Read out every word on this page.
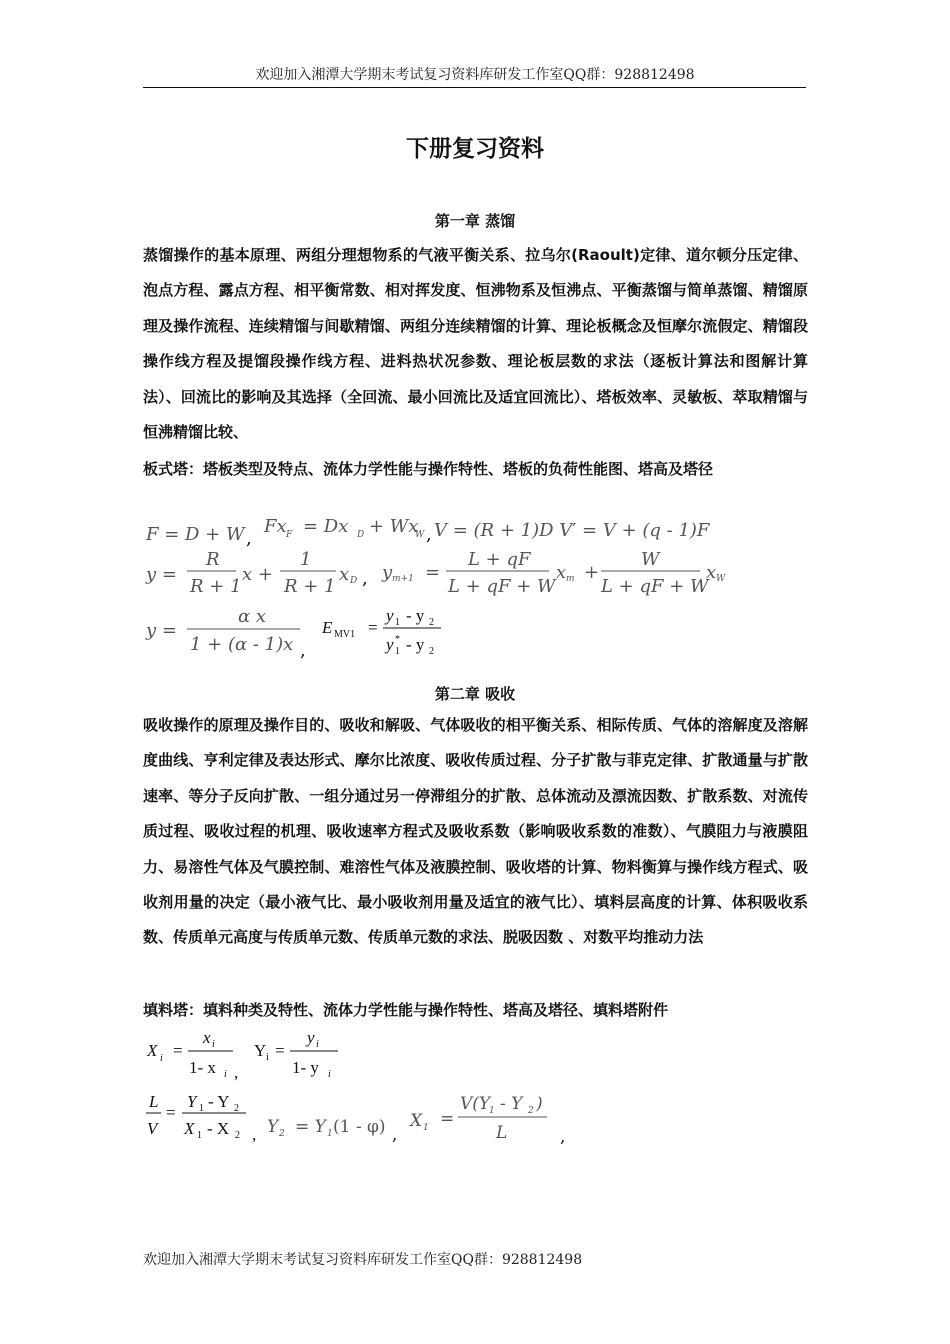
欢迎加入湘潭大学期末考试复习资料库研发工作室QQ群：928812498
下册复习资料
第一章 蒸馏

蒸馏操作的基本原理、两组分理想物系的气液平衡关系、拉乌尔(Raoult)定律、道尔顿分压定律、泡点方程、露点方程、相平衡常数、相对挥发度、恒沸物系及恒沸点、平衡蒸馏与简单蒸馏、精馏原理及操作流程、连续精馏与间歇精馏、两组分连续精馏的计算、理论板概念及恒摩尔流假定、精馏段操作线方程及提馏段操作线方程、进料热状况参数、理论板层数的求法（逐板计算法和图解计算法）、回流比的影响及其选择（全回流、最小回流比及适宜回流比）、塔板效率、灵敏板、萃取精馏与恒沸精馏比较、

板式塔：塔板类型及特点、流体力学性能与操作特性、塔板的负荷性能图、塔高及塔径
F = D + W ,
Fx F = Dx D + Wx
W , V = (R + 1)D V′ = V + (q - 1)F
y =
R
R + 1
x +
1
R + 1
x D , y m+1 =
L + qF
L + qF + W
x m +
W
L + qF + W
x W
y =
α x
1 + (α - 1)x ,
E MV1 =
y 1 - y 2
y 1
* - y 2
第二章 吸收

吸收操作的原理及操作目的、吸收和解吸、气体吸收的相平衡关系、相际传质、气体的溶解度及溶解度曲线、亨利定律及表达形式、摩尔比浓度、吸收传质过程、分子扩散与菲克定律、扩散通量与扩散速率、等分子反向扩散、一组分通过另一停滞组分的扩散、总体流动及漂流因数、扩散系数、对流传质过程、吸收过程的机理、吸收速率方程式及吸收系数（影响吸收系数的准数）、气膜阻力与液膜阻力、易溶性气体及气膜控制、难溶性气体及液膜控制、吸收塔的计算、物料衡算与操作线方程式、吸收剂用量的决定（最小液气比、最小吸收剂用量及适宜的液气比）、填料层高度的计算、体积吸收系数、传质单元高度与传质单元数、传质单元数的求法、脱吸因数 、对数平均推动力法

填料塔：填料种类及特性、流体力学性能与操作特性、塔高及塔径、填料塔附件
X i =
x i
1- x i ,
Y i =
y i
1- y i
L
V
=
Y 1 - Y 2
X 1 - X 2 , Y 2 = Y 1 (1 - φ) ,
X 1 =
V(Y
1 - Y 2 )
L	,
欢迎加入湘潭大学期末考试复习资料库研发工作室QQ群：928812498
